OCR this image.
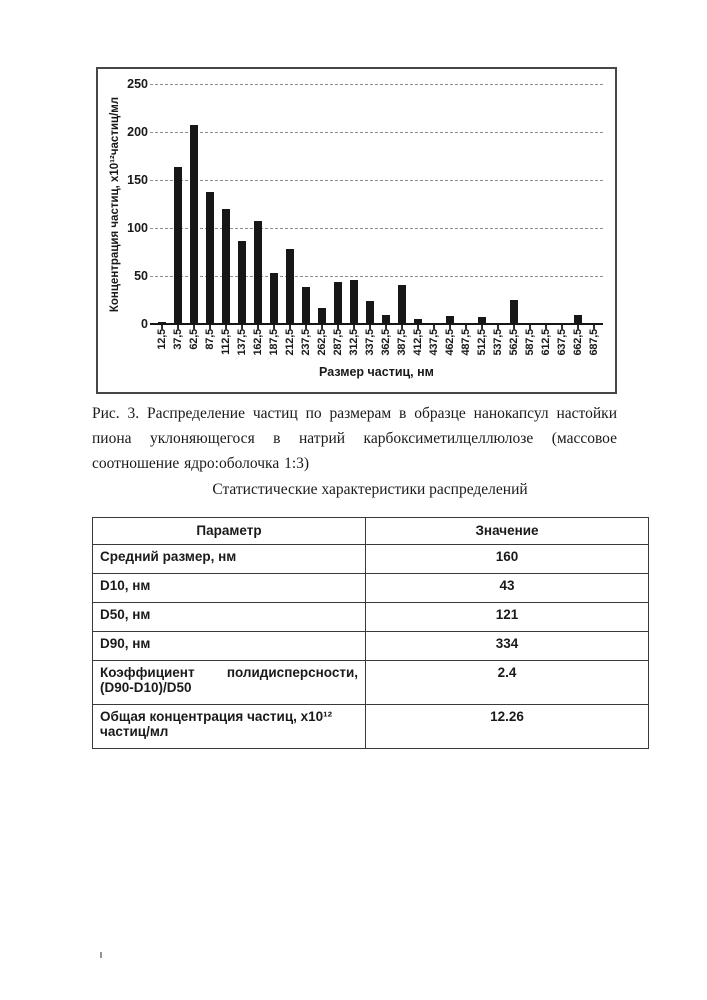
Концентрация частиц, х10¹²частиц/мл
Размер частиц, нм
0
50
100
150
200
250
12,5 37,5 62,5 87,5 112,5 137,5 162,5 187,5 212,5 237,5 262,5 287,5 312,5 337,5 362,5 387,5 412,5 437,5 462,5 487,5 512,5 537,5 562,5 587,5 612,5 637,5 662,5 687,5
Рис. 3. Распределение частиц по размерам в образце нанокапсул настойки
пиона уклоняющегося в натрий карбоксиметилцеллюлозе (массовое
соотношение ядро:оболочка 1:3)
Статистические характеристики распределений
Параметр	Значение
Средний размер, нм	160
D10, нм	43
D50, нм	121
D90, нм	334
Коэффициент полидисперсности, (D90-D10)/D50	2.4
Общая концентрация частиц, х10¹² частиц/мл	12.26
